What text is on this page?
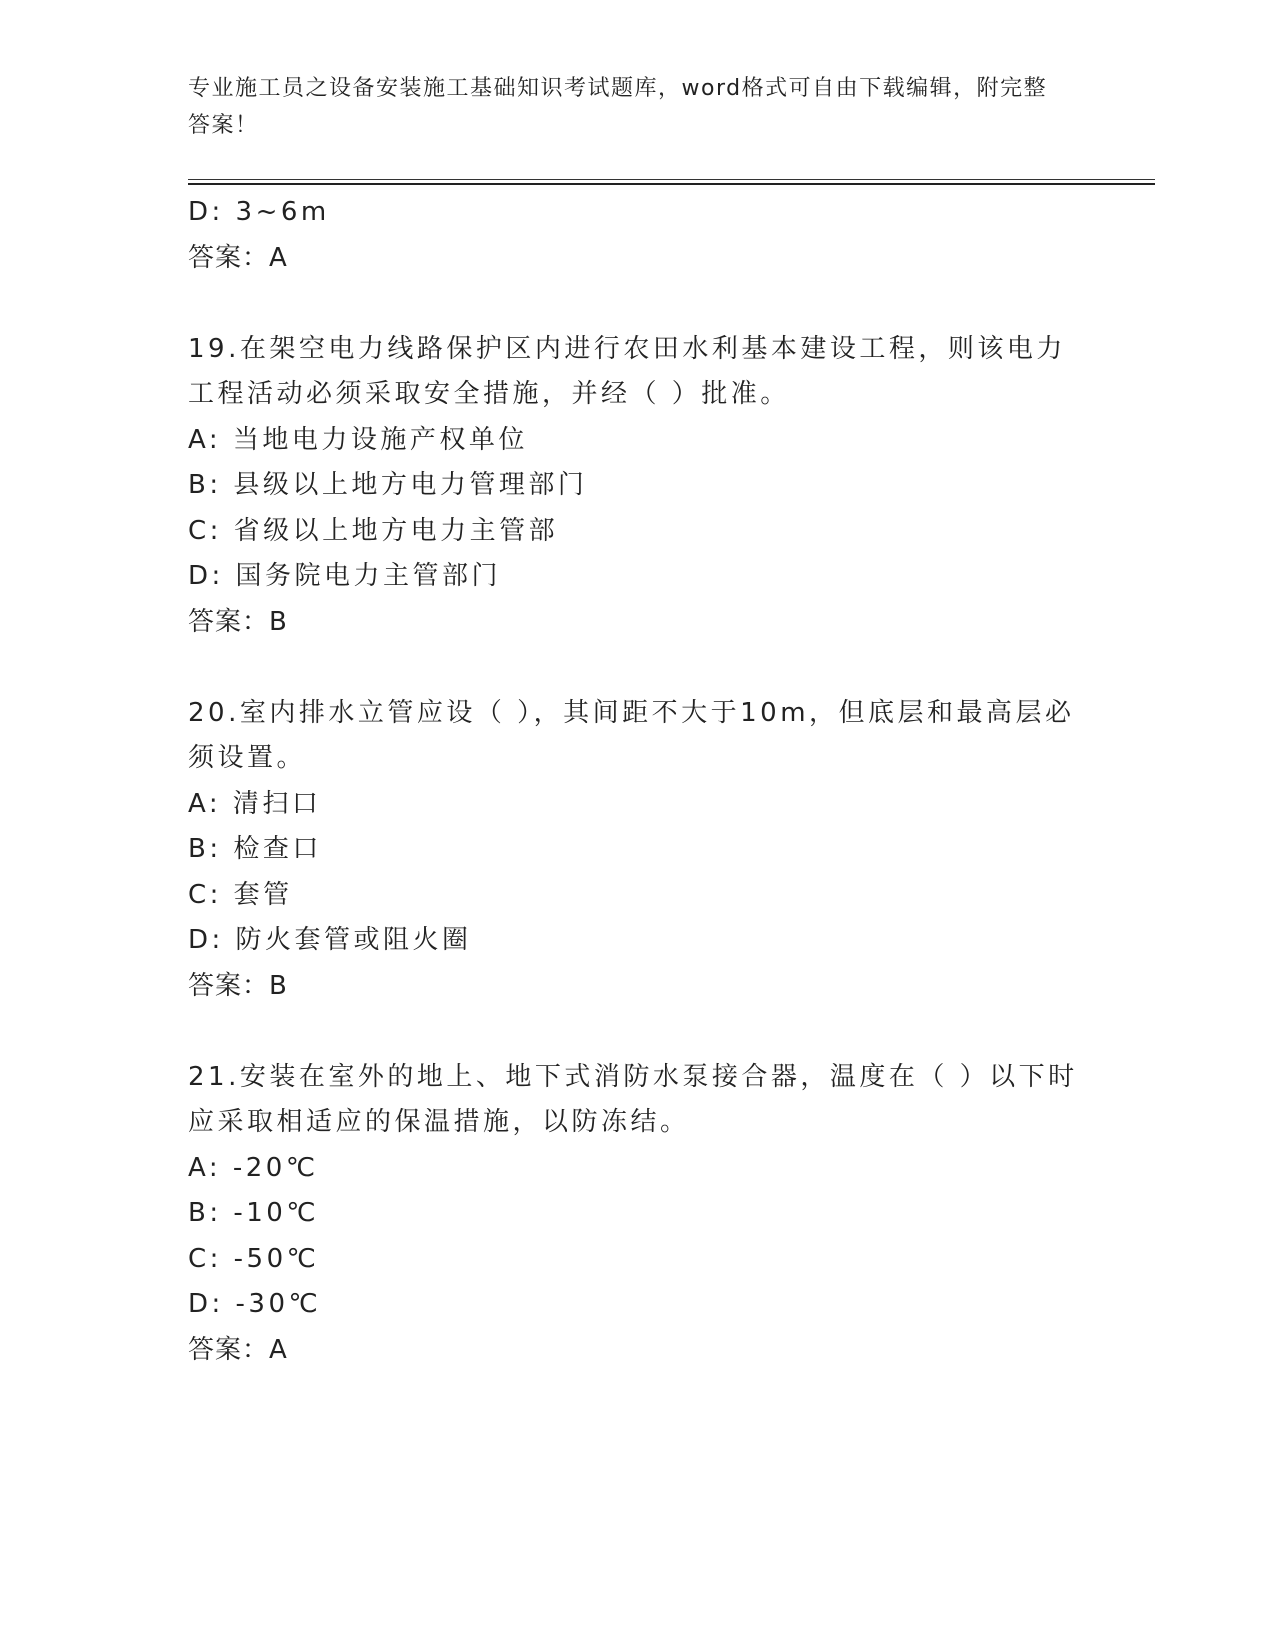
专业施工员之设备安装施工基础知识考试题库，word格式可自由下载编辑，附完整答案！
D: 3~6m
答案：A
19.在架空电力线路保护区内进行农田水利基本建设工程，则该电力工程活动必须采取安全措施，并经（ ）批准。
A: 当地电力设施产权单位
B: 县级以上地方电力管理部门
C: 省级以上地方电力主管部
D: 国务院电力主管部门
答案：B
20.室内排水立管应设（ ），其间距不大于10m，但底层和最高层必须设置。
A: 清扫口
B: 检查口
C: 套管
D: 防火套管或阻火圈
答案：B
21.安装在室外的地上、地下式消防水泵接合器，温度在（ ）以下时应采取相适应的保温措施，以防冻结。
A: -20℃
B: -10℃
C: -50℃
D: -30℃
答案：A
